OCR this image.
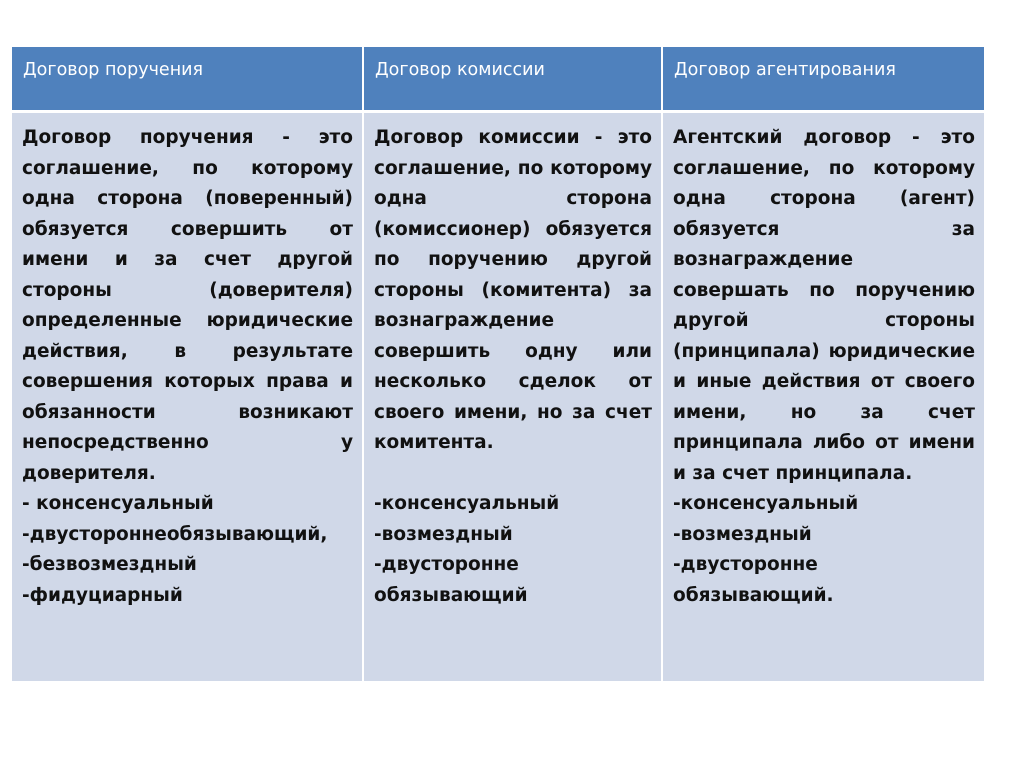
Договор поручения	Договор комиссии	Договор агентирования

Договор поручения - это соглашение, по которому одна сторона (поверенный) обязуется совершить от имени и за счет другой стороны (доверителя) определенные юридические действия, в результате совершения которых права и обязанности возникают непосредственно у доверителя.

- консенсуальный

-двустороннеобязывающий,

-безвозмездный

-фидуциарный

Договор комиссии - это соглашение, по которому одна сторона (комиссионер) обязуется по поручению другой стороны (комитента) за вознаграждение совершить одну или несколько сделок от своего имени, но за счет комитента.

-консенсуальный

-возмездный

-двусторонне

обязывающий

Агентский договор - это соглашение, по которому одна сторона (агент) обязуется за вознаграждение совершать по поручению другой стороны (принципала) юридические и иные действия от своего имени, но за счет принципала либо от имени и за счет принципала.

-консенсуальный

-возмездный

-двусторонне

обязывающий.
